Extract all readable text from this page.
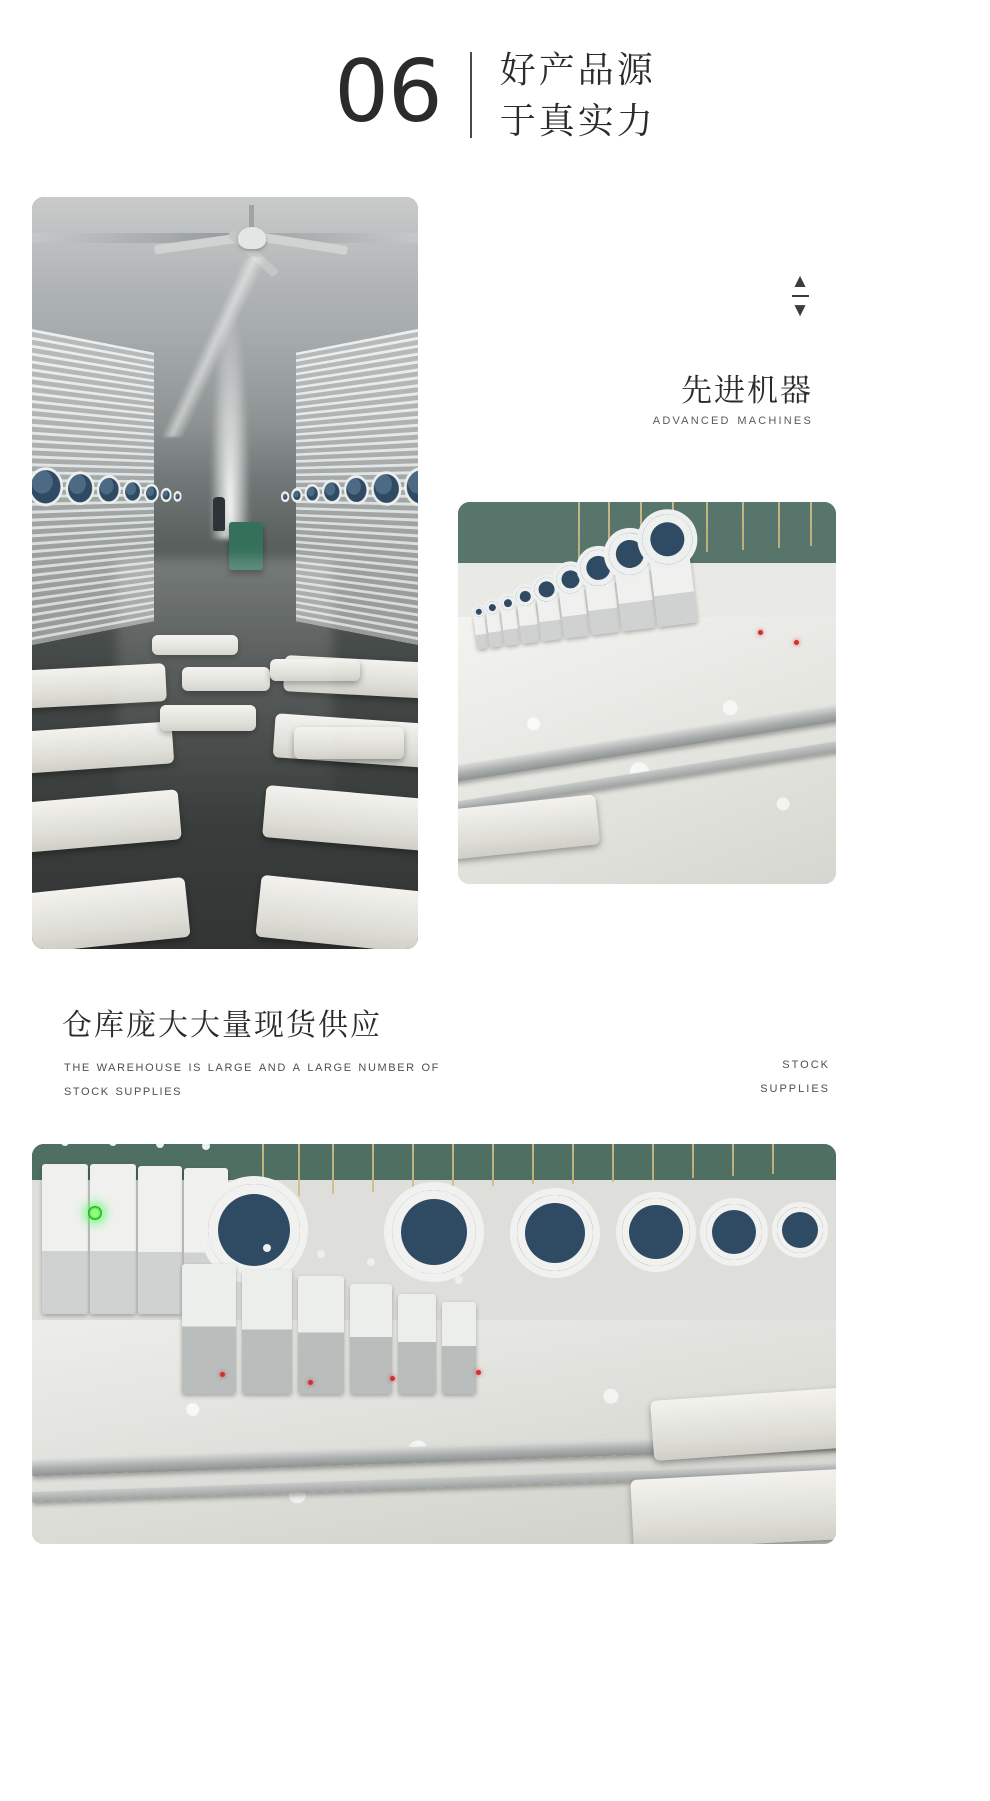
06 好产品源
于真实力
▲
▼
先进机器
advanced machines
仓库庞大大量现货供应
the warehouse is large and a large number of stock supplies
stock
supplies
